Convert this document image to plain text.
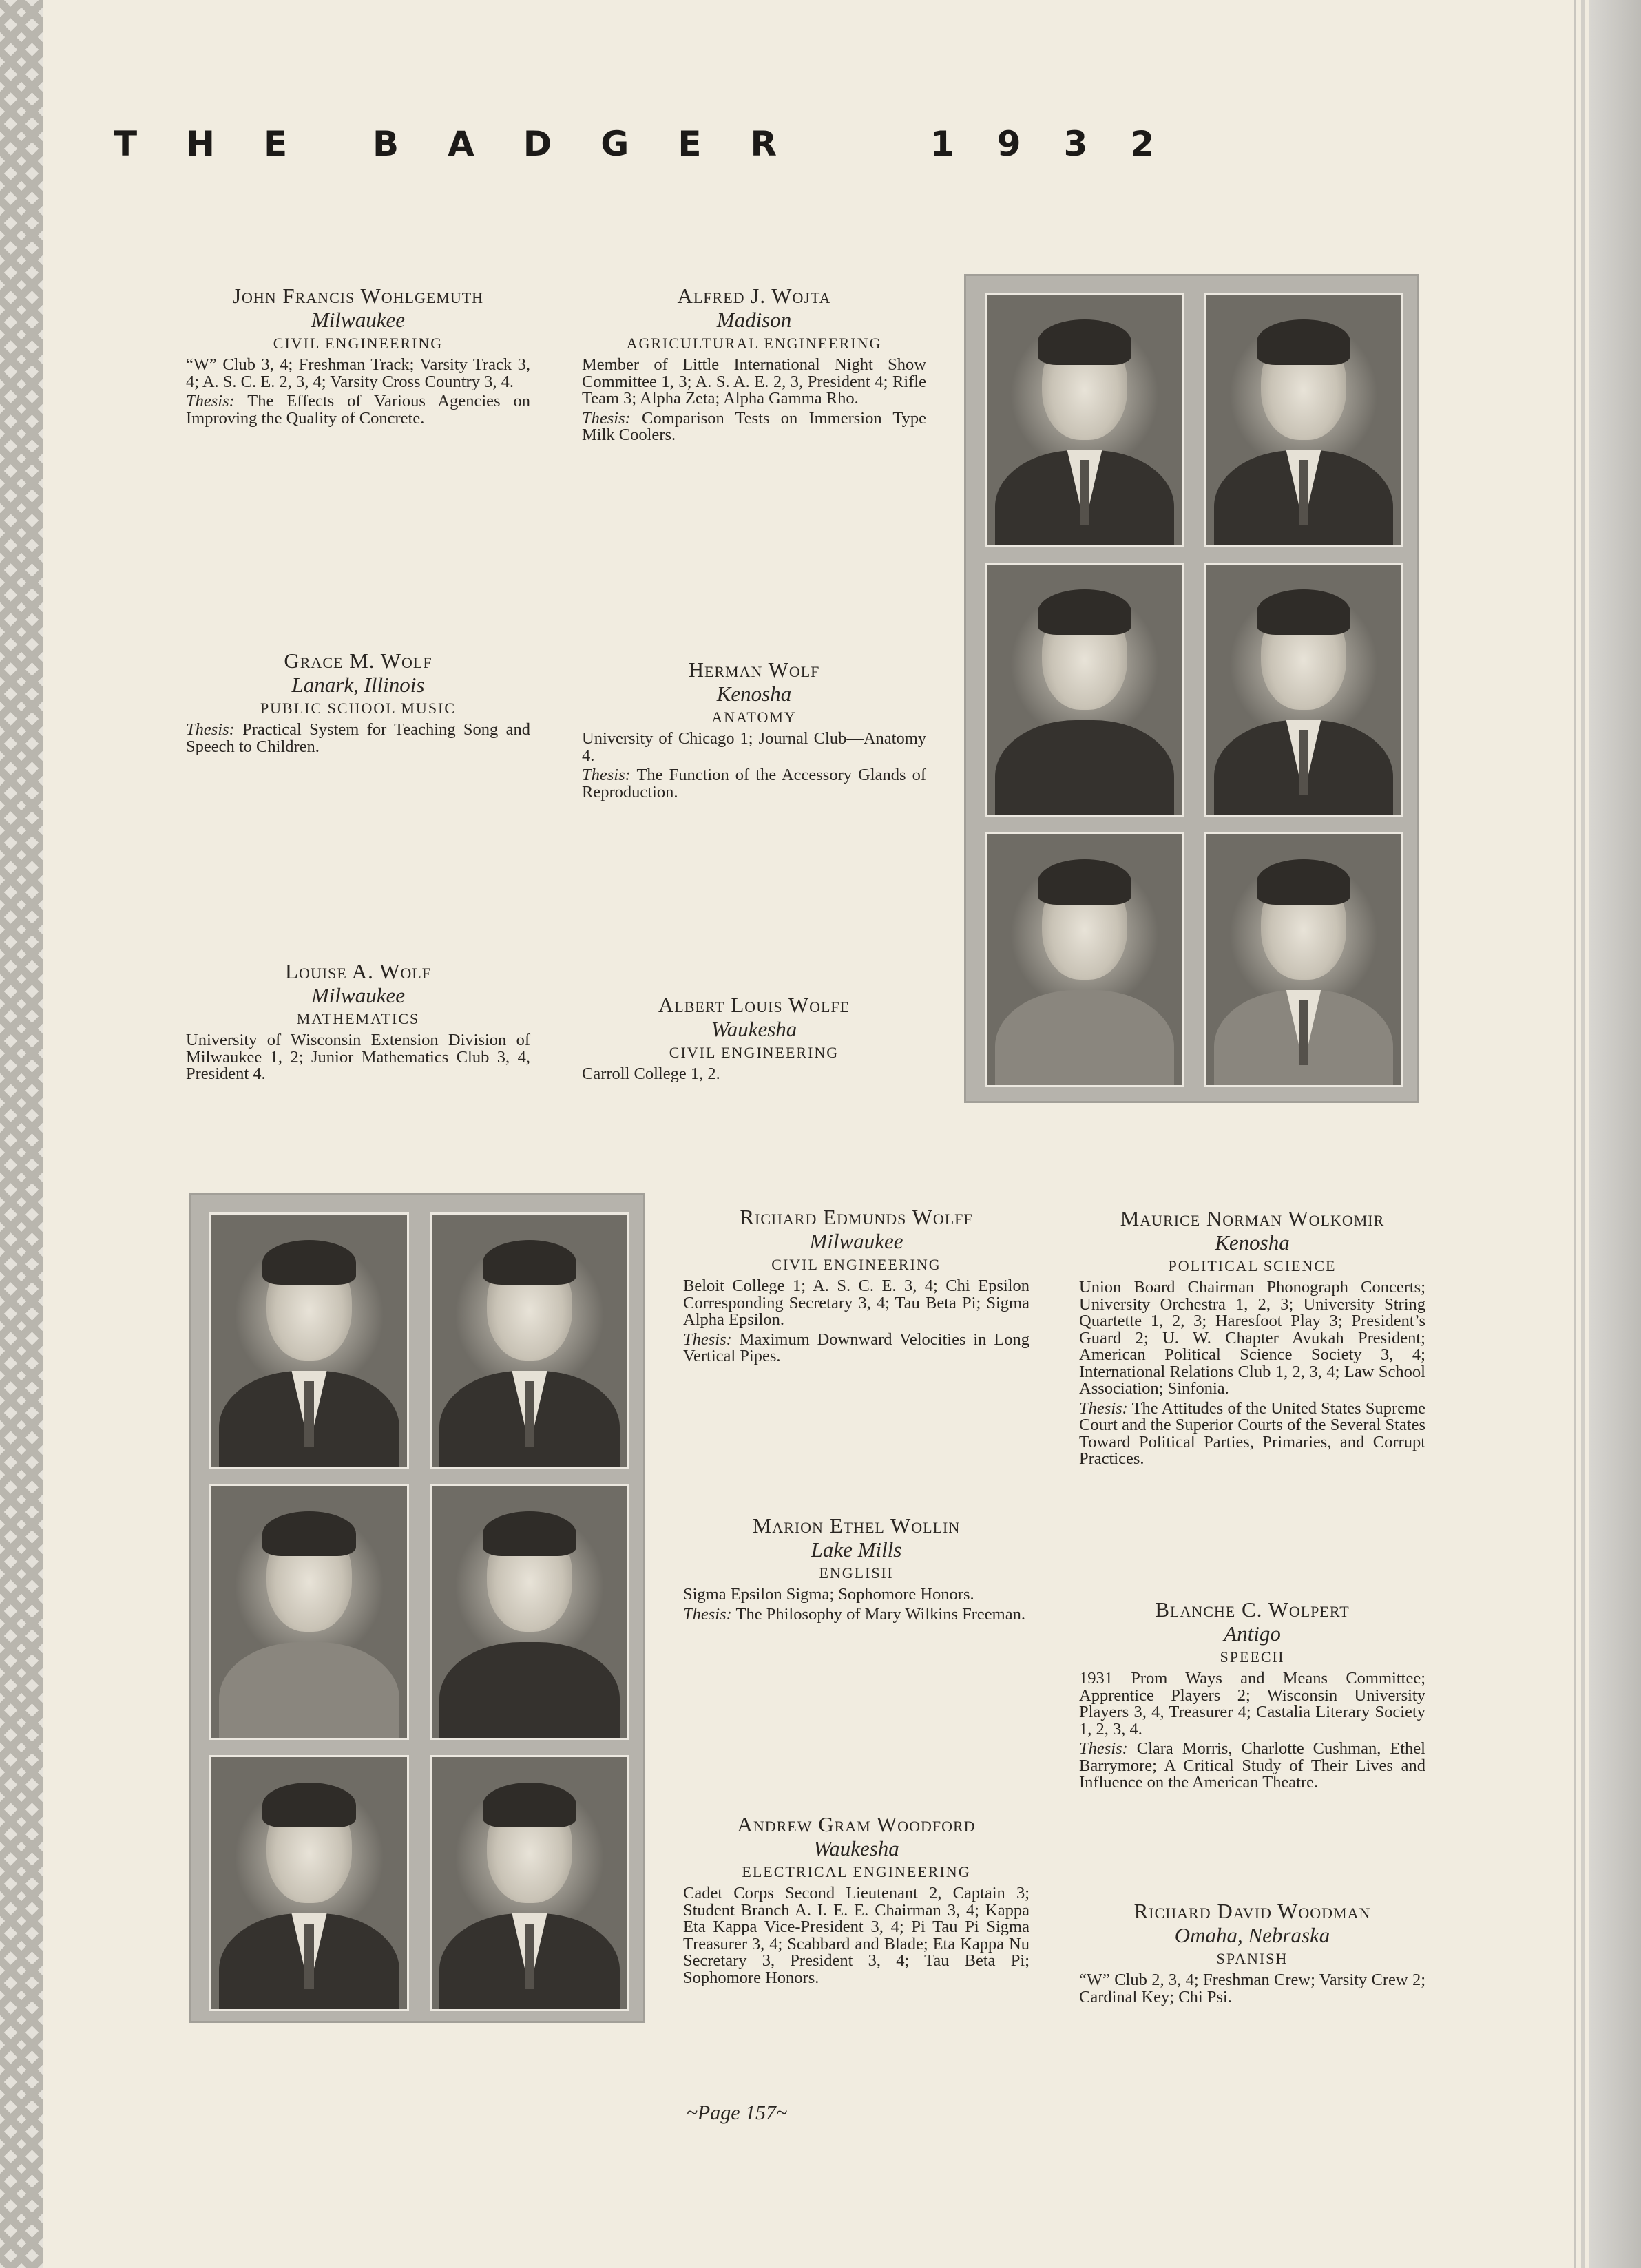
THE BADGER	1932
John Francis Wohlgemuth
Milwaukee
CIVIL ENGINEERING
“W” Club 3, 4; Freshman Track; Varsity Track 3, 4; A. S. C. E. 2, 3, 4; Varsity Cross Country 3, 4.
Thesis: The Effects of Various Agencies on Improving the Quality of Concrete.
Alfred J. Wojta
Madison
AGRICULTURAL ENGINEERING
Member of Little International Night Show Committee 1, 3; A. S. A. E. 2, 3, President 4; Rifle Team 3; Alpha Zeta; Alpha Gamma Rho.
Thesis: Comparison Tests on Immersion Type Milk Coolers.
Grace M. Wolf
Lanark, Illinois
PUBLIC SCHOOL MUSIC
Thesis: Practical System for Teaching Song and Speech to Children.
Herman Wolf
Kenosha
ANATOMY
University of Chicago 1; Journal Club—Anatomy 4.
Thesis: The Function of the Accessory Glands of Reproduction.
Louise A. Wolf
Milwaukee
MATHEMATICS
University of Wisconsin Extension Division of Milwaukee 1, 2; Junior Mathematics Club 3, 4, President 4.
Albert Louis Wolfe
Waukesha
CIVIL ENGINEERING
Carroll College 1, 2.
Richard Edmunds Wolff
Milwaukee
CIVIL ENGINEERING
Beloit College 1; A. S. C. E. 3, 4; Chi Epsilon Corresponding Secretary 3, 4; Tau Beta Pi; Sigma Alpha Epsilon.
Thesis: Maximum Downward Velocities in Long Vertical Pipes.
Maurice Norman Wolkomir
Kenosha
POLITICAL SCIENCE
Union Board Chairman Phonograph Concerts; University Orchestra 1, 2, 3; University String Quartette 1, 2, 3; Haresfoot Play 3; President’s Guard 2; U. W. Chapter Avukah President; American Political Science Society 3, 4; International Relations Club 1, 2, 3, 4; Law School Association; Sinfonia.
Thesis: The Attitudes of the United States Supreme Court and the Superior Courts of the Several States Toward Political Parties, Primaries, and Corrupt Practices.
Marion Ethel Wollin
Lake Mills
ENGLISH
Sigma Epsilon Sigma; Sophomore Honors.
Thesis: The Philosophy of Mary Wilkins Freeman.	Blanche C. Wolpert
Antigo
SPEECH
1931 Prom Ways and Means Committee; Apprentice Players 2; Wisconsin University Players 3, 4, Treasurer 4; Castalia Literary Society 1, 2, 3, 4.
Thesis: Clara Morris, Charlotte Cushman, Ethel Barrymore; A Critical Study of Their Lives and Influence on the American Theatre.
Andrew Gram Woodford
Waukesha
ELECTRICAL ENGINEERING
Cadet Corps Second Lieutenant 2, Captain 3; Student Branch A. I. E. E. Chairman 3, 4; Kappa Eta Kappa Vice-President 3, 4; Pi Tau Pi Sigma Treasurer 3, 4; Scabbard and Blade; Eta Kappa Nu Secretary 3, President 3, 4; Tau Beta Pi; Sophomore Honors.
Richard David Woodman
Omaha, Nebraska
SPANISH
“W” Club 2, 3, 4; Freshman Crew; Varsity Crew 2; Cardinal Key; Chi Psi.
~Page 157~
